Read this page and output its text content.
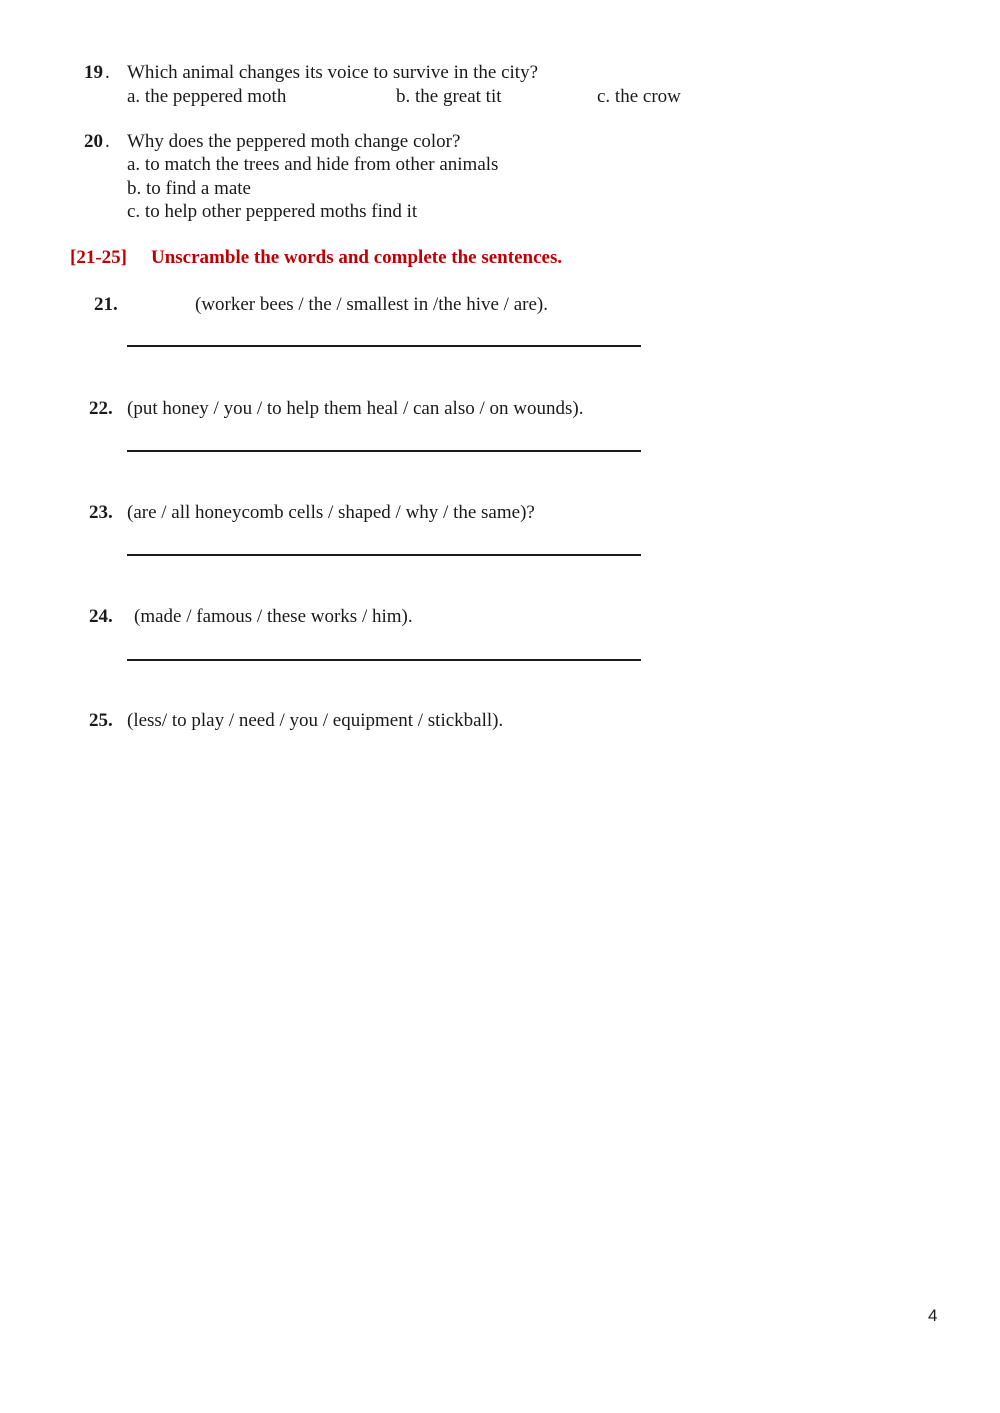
19 . Which animal changes its voice to survive in the city?
a. the peppered moth	b. the great tit	c. the crow
20 . Why does the peppered moth change color?
a. to match the trees and hide from other animals
b. to find a mate
c. to help other peppered moths find it
[21-25] Unscramble the words and complete the sentences.
21.	(worker bees / the / smallest in /the hive / are).
22. (put honey / you / to help them heal / can also / on wounds).
23. (are / all honeycomb cells / shaped / why / the same)?
24. (made / famous / these works / him).
25. (less/ to play / need / you / equipment / stickball).
4
